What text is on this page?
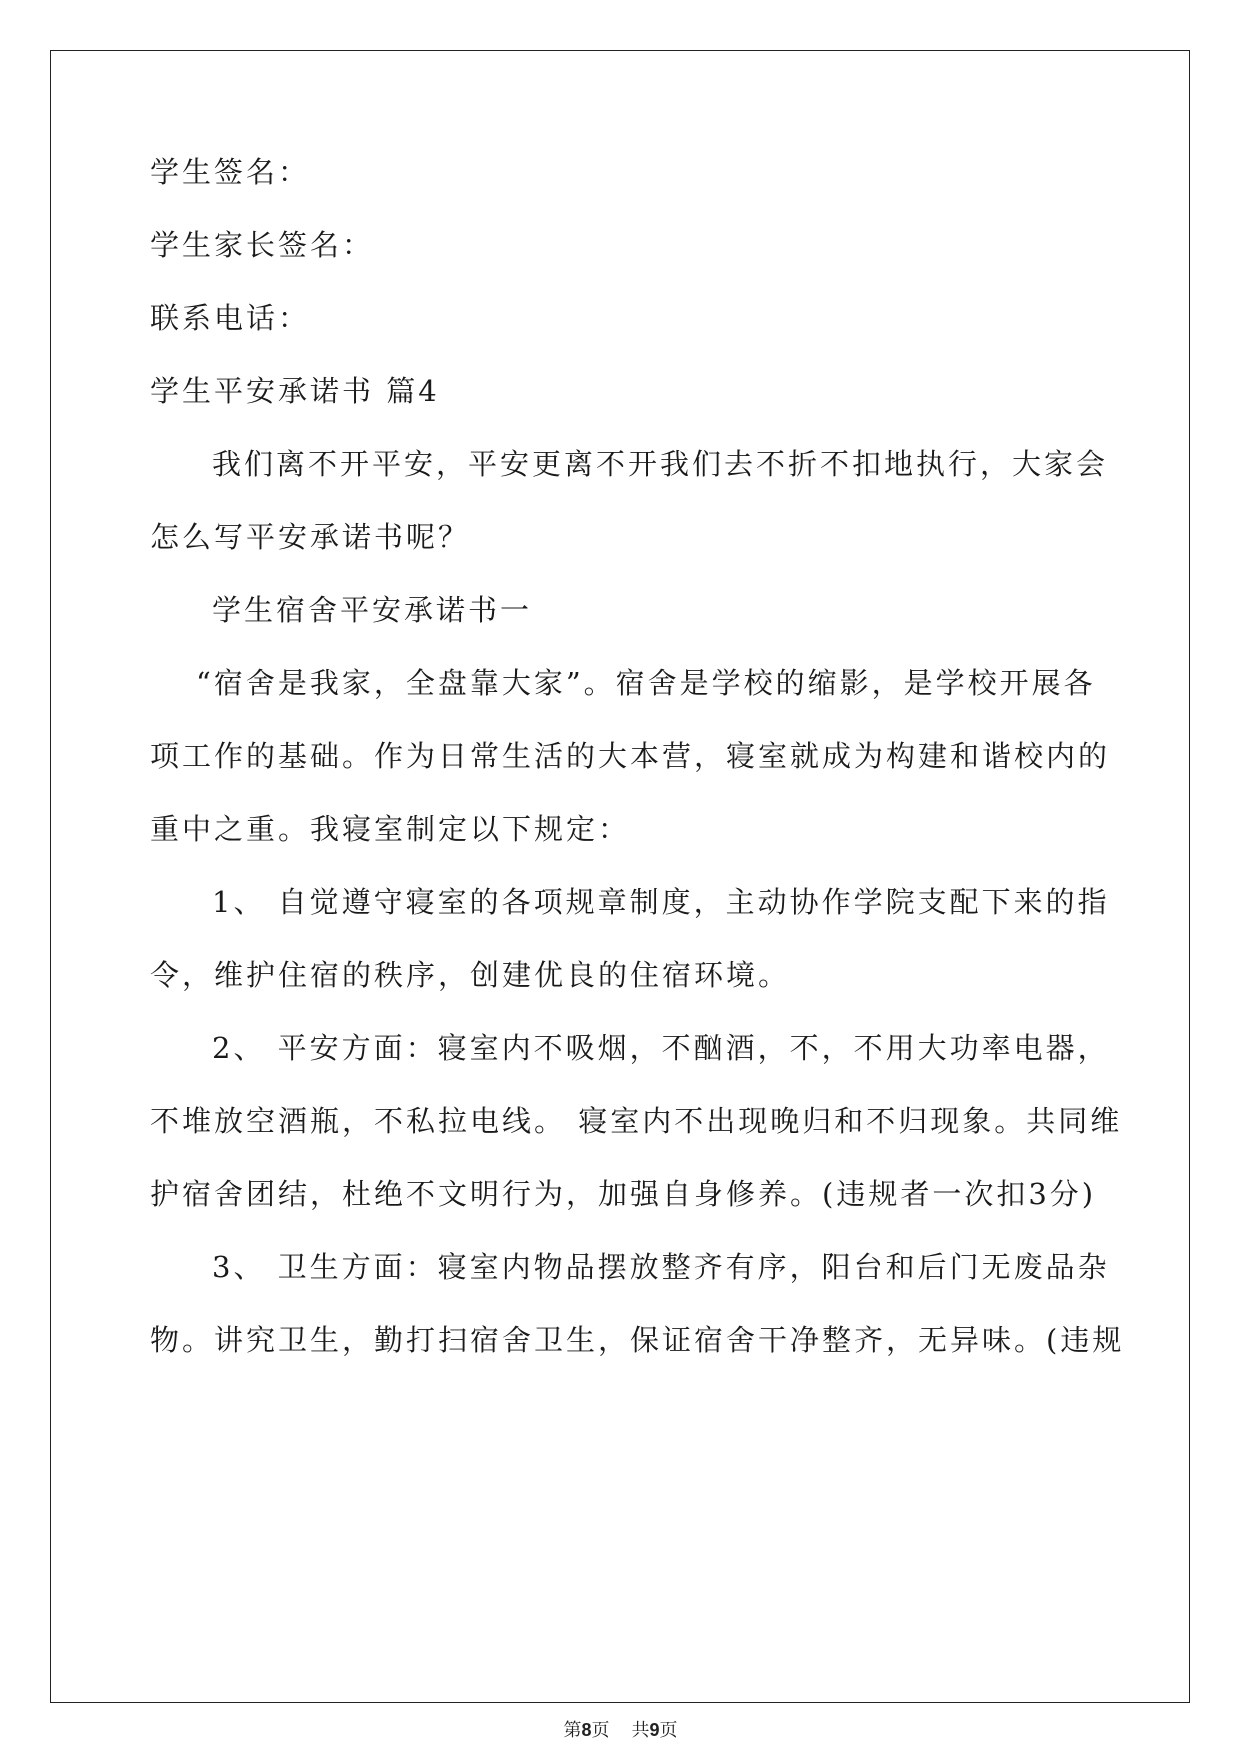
学生签名：
学生家长签名：
联系电话：
学生平安承诺书 篇4
我们离不开平安，平安更离不开我们去不折不扣地执行，大家会
怎么写平安承诺书呢？
学生宿舍平安承诺书一
“宿舍是我家，全盘靠大家”。宿舍是学校的缩影，是学校开展各
项工作的基础。作为日常生活的大本营，寝室就成为构建和谐校内的
重中之重。我寝室制定以下规定：
1、 自觉遵守寝室的各项规章制度，主动协作学院支配下来的指
令，维护住宿的秩序，创建优良的住宿环境。
2、 平安方面：寝室内不吸烟，不酗酒，不，不用大功率电器，
不堆放空酒瓶，不私拉电线。 寝室内不出现晚归和不归现象。共同维
护宿舍团结，杜绝不文明行为，加强自身修养。(违规者一次扣3分)
3、 卫生方面：寝室内物品摆放整齐有序，阳台和后门无废品杂
物。讲究卫生，勤打扫宿舍卫生，保证宿舍干净整齐，无异味。(违规
第8页 共9页
